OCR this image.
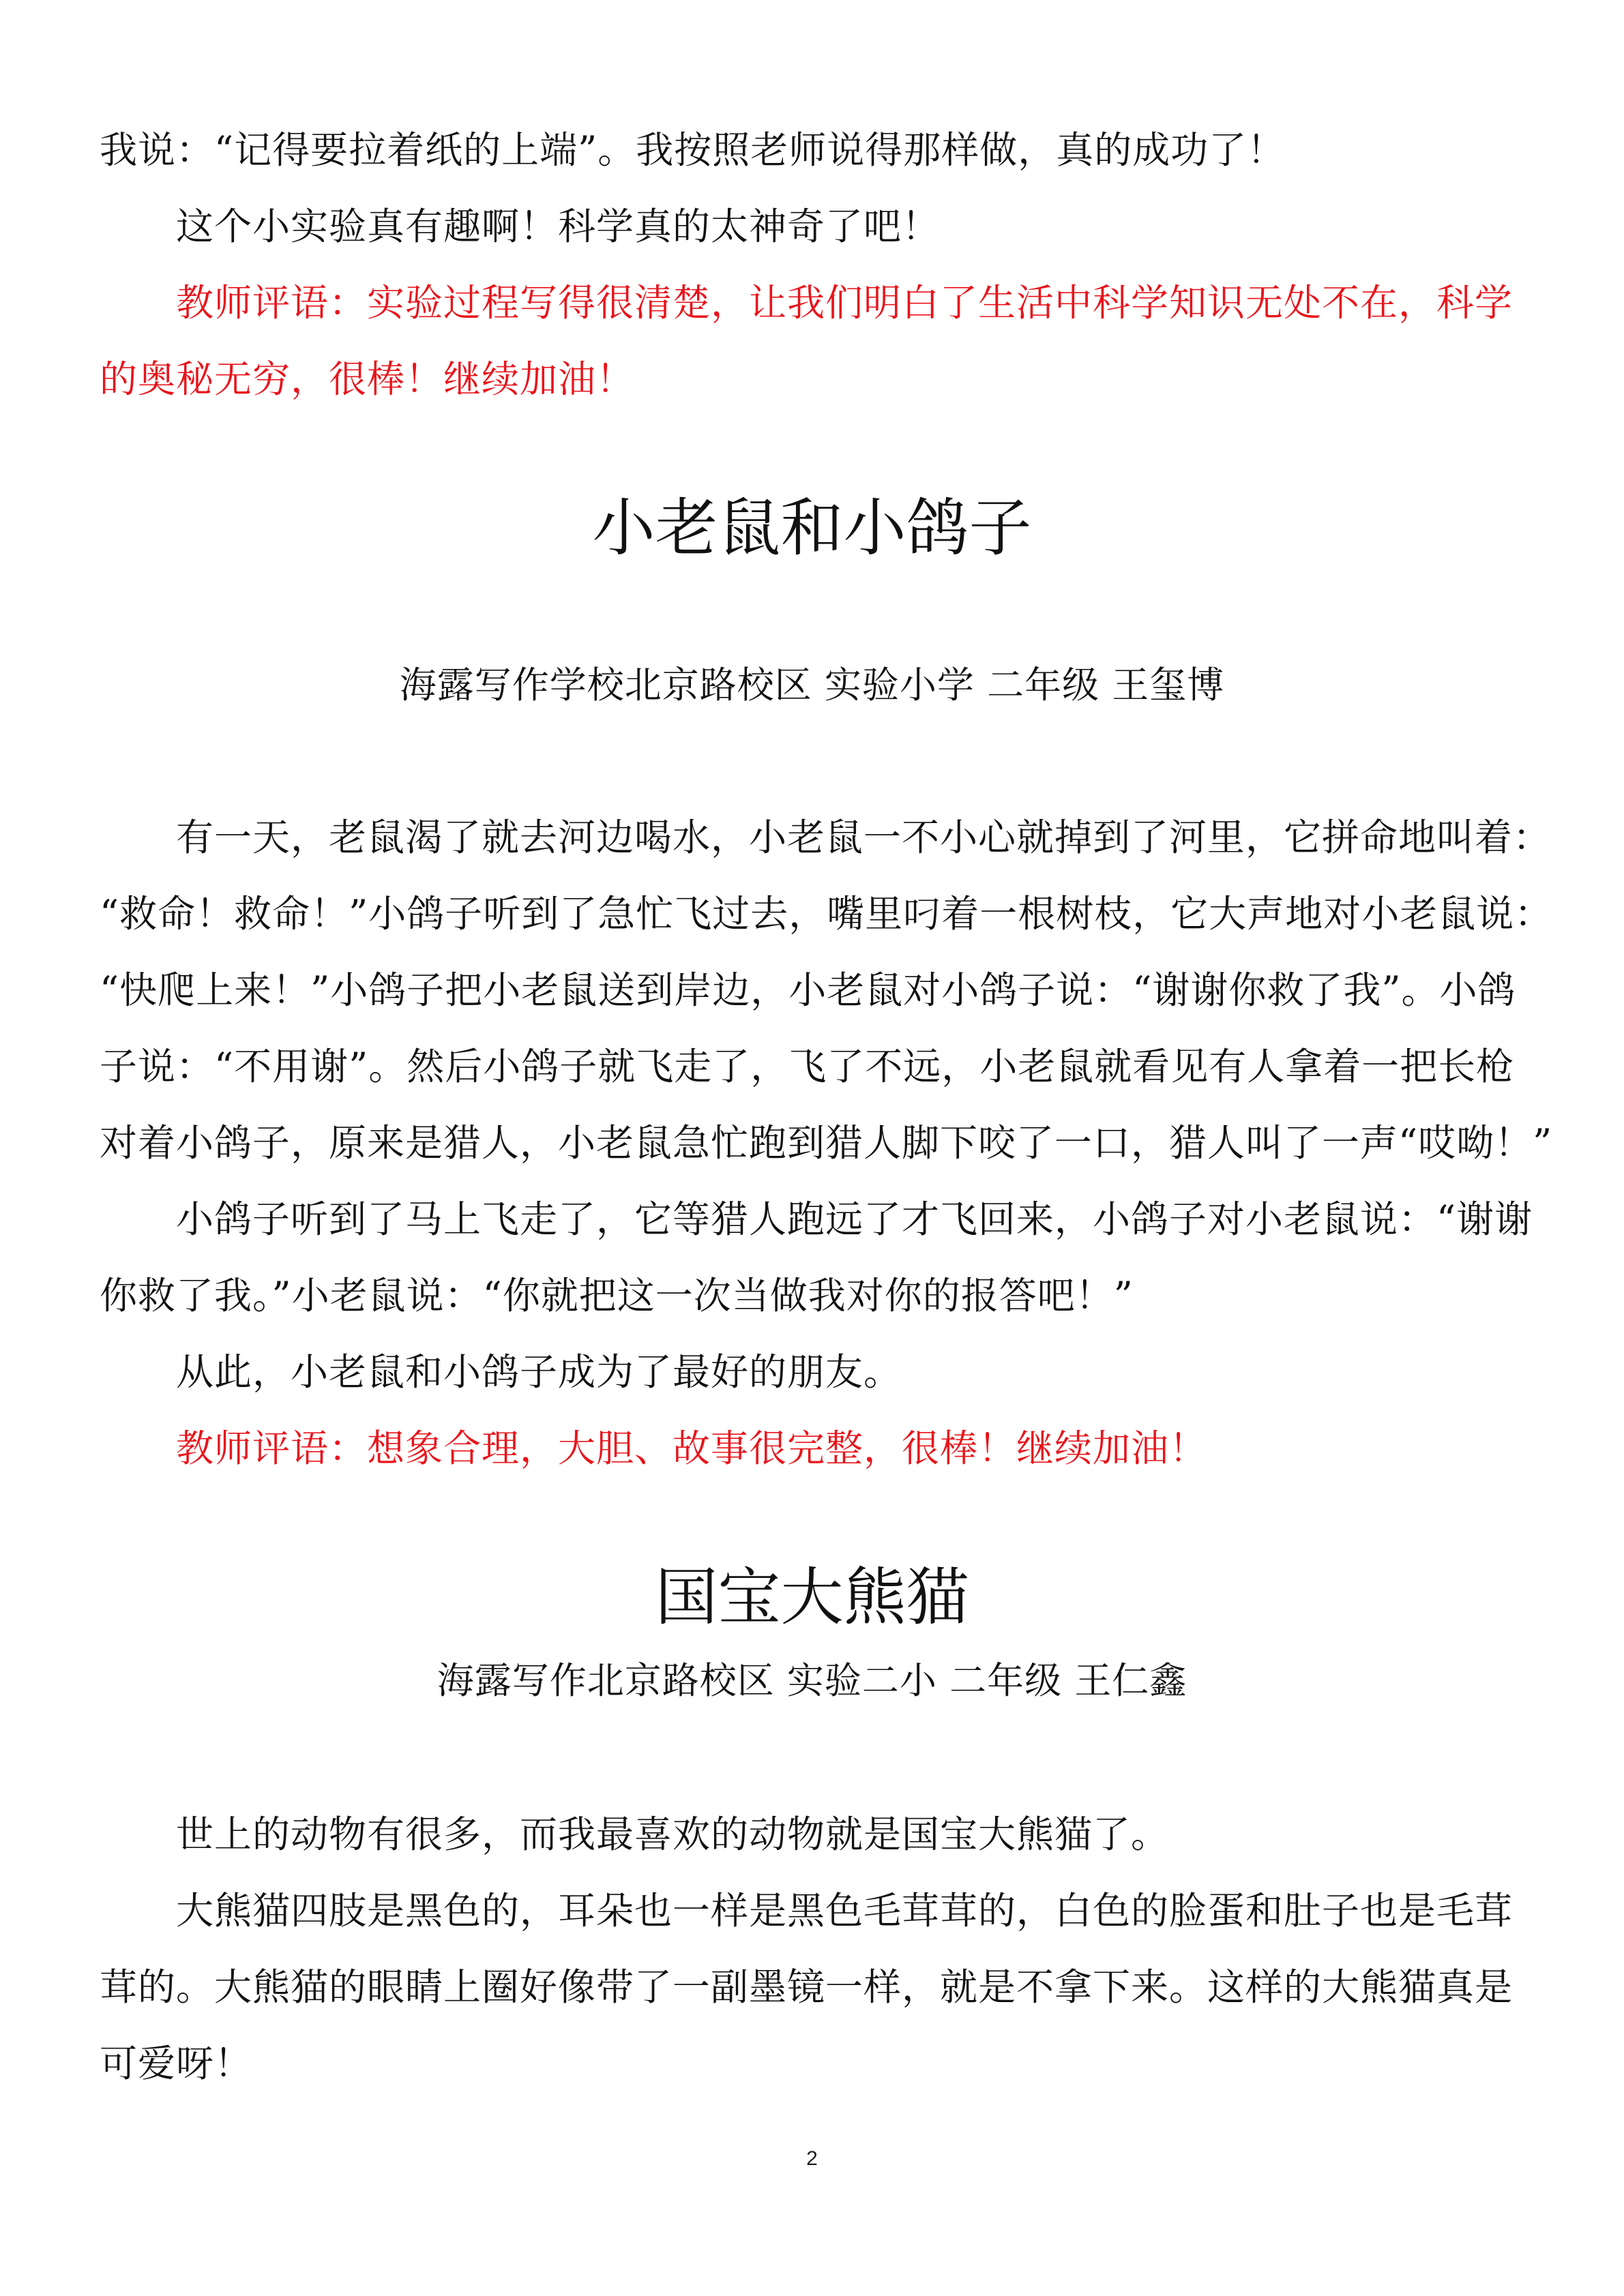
我说：“记得要拉着纸的上端”。我按照老师说得那样做，真的成功了！
这个小实验真有趣啊！科学真的太神奇了吧！
教师评语：实验过程写得很清楚，让我们明白了生活中科学知识无处不在，科学
的奥秘无穷，很棒！继续加油！
小老鼠和小鸽子
海露写作学校北京路校区 实验小学 二年级 王玺博
有一天，老鼠渴了就去河边喝水，小老鼠一不小心就掉到了河里，它拼命地叫着：
“救命！救命！”小鸽子听到了急忙飞过去，嘴里叼着一根树枝，它大声地对小老鼠说：
“快爬上来！”小鸽子把小老鼠送到岸边，小老鼠对小鸽子说：“谢谢你救了我”。小鸽
子说：“不用谢”。然后小鸽子就飞走了，飞了不远，小老鼠就看见有人拿着一把长枪
对着小鸽子，原来是猎人，小老鼠急忙跑到猎人脚下咬了一口，猎人叫了一声“哎呦！”
小鸽子听到了马上飞走了，它等猎人跑远了才飞回来，小鸽子对小老鼠说：“谢谢
你救了我。”小老鼠说：“你就把这一次当做我对你的报答吧！”
从此，小老鼠和小鸽子成为了最好的朋友。
教师评语：想象合理，大胆、故事很完整，很棒！继续加油！
国宝大熊猫
海露写作北京路校区 实验二小 二年级 王仁鑫
世上的动物有很多，而我最喜欢的动物就是国宝大熊猫了。
大熊猫四肢是黑色的，耳朵也一样是黑色毛茸茸的，白色的脸蛋和肚子也是毛茸
茸的。大熊猫的眼睛上圈好像带了一副墨镜一样，就是不拿下来。这样的大熊猫真是
可爱呀！
2
